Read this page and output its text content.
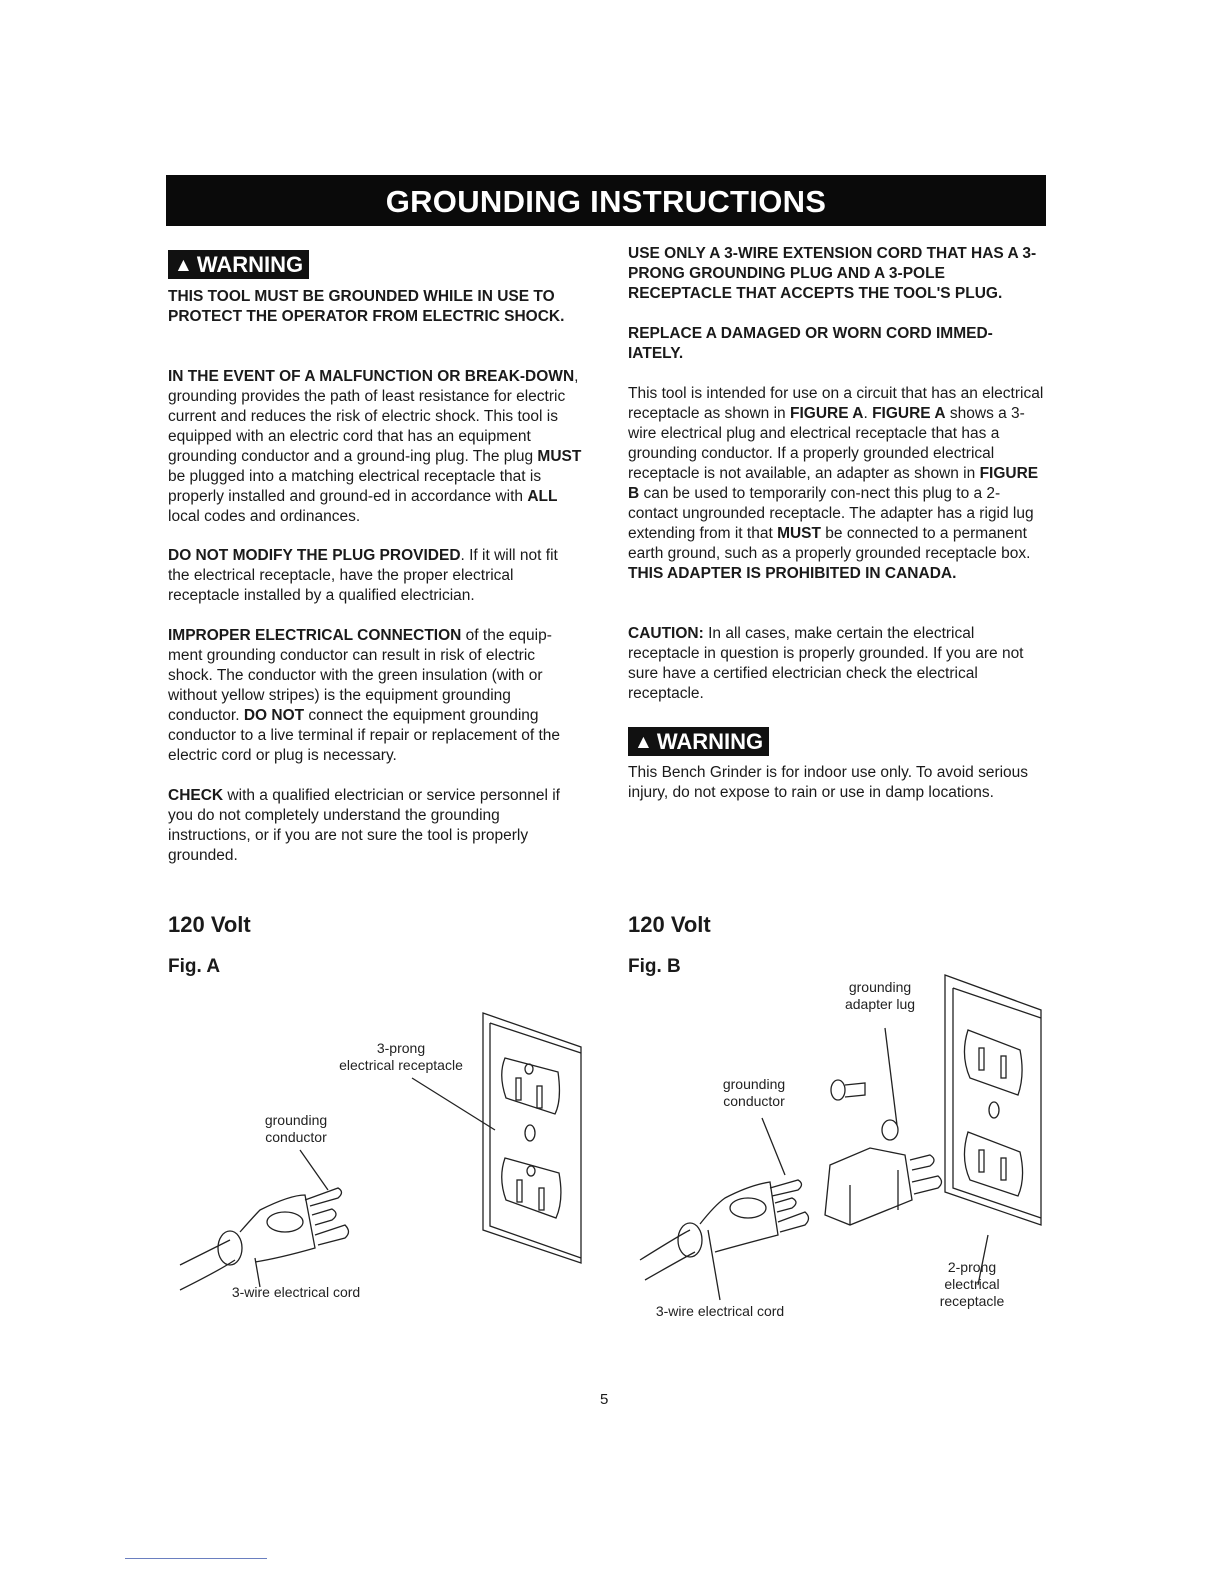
GROUNDING INSTRUCTIONS
▲ WARNING

THIS TOOL MUST BE GROUNDED WHILE IN USE TO PROTECT THE OPERATOR FROM ELECTRIC SHOCK.

IN THE EVENT OF A MALFUNCTION OR BREAK-DOWN, grounding provides the path of least resistance for electric current and reduces the risk of electric shock. This tool is equipped with an electric cord that has an equipment grounding conductor and a ground-ing plug. The plug MUST be plugged into a matching electrical receptacle that is properly installed and ground-ed in accordance with ALL local codes and ordinances.

DO NOT MODIFY THE PLUG PROVIDED. If it will not fit the electrical receptacle, have the proper electrical receptacle installed by a qualified electrician.

IMPROPER ELECTRICAL CONNECTION of the equip-ment grounding conductor can result in risk of electric shock. The conductor with the green insulation (with or without yellow stripes) is the equipment grounding conductor. DO NOT connect the equipment grounding conductor to a live terminal if repair or replacement of the electric cord or plug is necessary.

CHECK with a qualified electrician or service personnel if you do not completely understand the grounding instructions, or if you are not sure the tool is properly grounded.

USE ONLY A 3-WIRE EXTENSION CORD THAT HAS A 3-PRONG GROUNDING PLUG AND A 3-POLE RECEPTACLE THAT ACCEPTS THE TOOL'S PLUG.

REPLACE A DAMAGED OR WORN CORD IMMED-IATELY.

This tool is intended for use on a circuit that has an electrical receptacle as shown in FIGURE A. FIGURE A shows a 3-wire electrical plug and electrical receptacle that has a grounding conductor. If a properly grounded electrical receptacle is not available, an adapter as shown in FIGURE B can be used to temporarily con-nect this plug to a 2-contact ungrounded receptacle. The adapter has a rigid lug extending from it that MUST be connected to a permanent earth ground, such as a properly grounded receptacle box. THIS ADAPTER IS PROHIBITED IN CANADA.

CAUTION: In all cases, make certain the electrical receptacle in question is properly grounded. If you are not sure have a certified electrician check the electrical receptacle.

▲ WARNING

This Bench Grinder is for indoor use only. To avoid serious injury, do not expose to rain or use in damp locations.

120 Volt
Fig. A
3-prong
electrical receptacle
grounding
conductor
3-wire electrical cord
120 Volt
Fig. B
grounding
adapter lug
grounding
conductor
3-wire electrical cord
2-prong
electrical
receptacle
5
